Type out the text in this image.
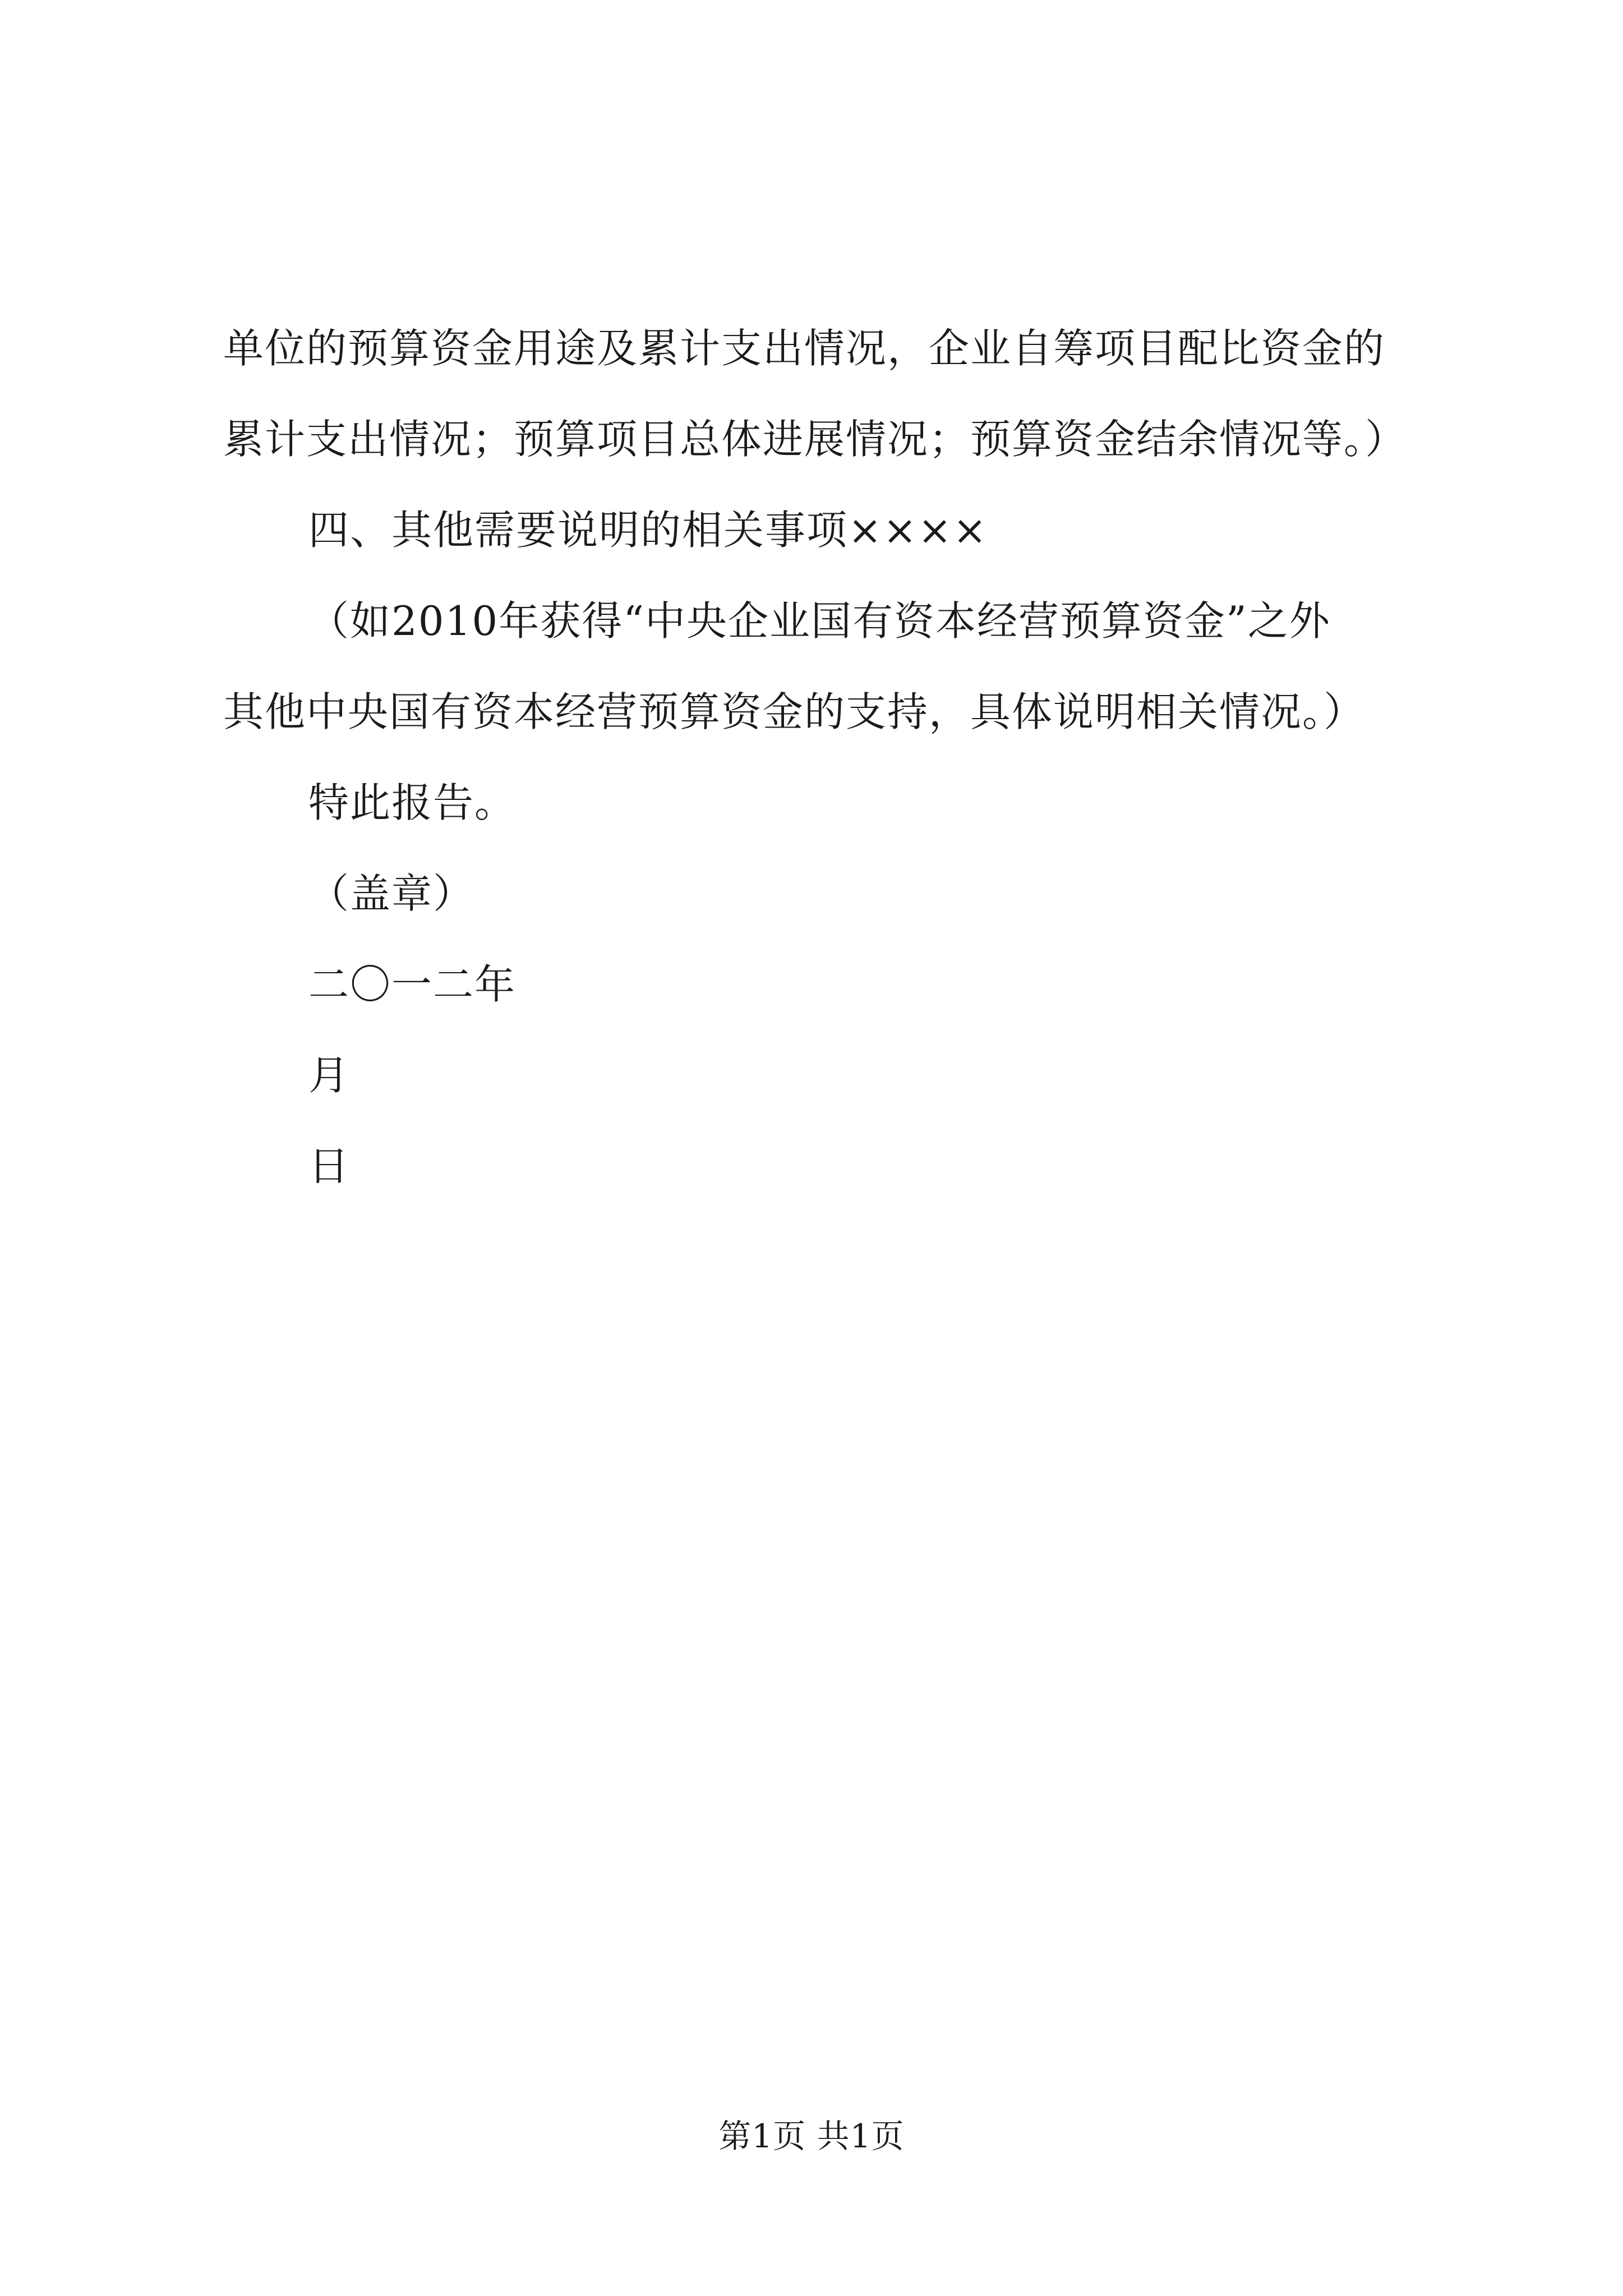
单位的预算资金用途及累计支出情况，企业自筹项目配比资金的
累计支出情况；预算项目总体进展情况；预算资金结余情况等。）
四、其他需要说明的相关事项××××
（如2010年获得“中央企业国有资本经营预算资金”之外
其他中央国有资本经营预算资金的支持，具体说明相关情况。）
特此报告。
（盖章）
二〇一二年
月
日
第1页 共1页
